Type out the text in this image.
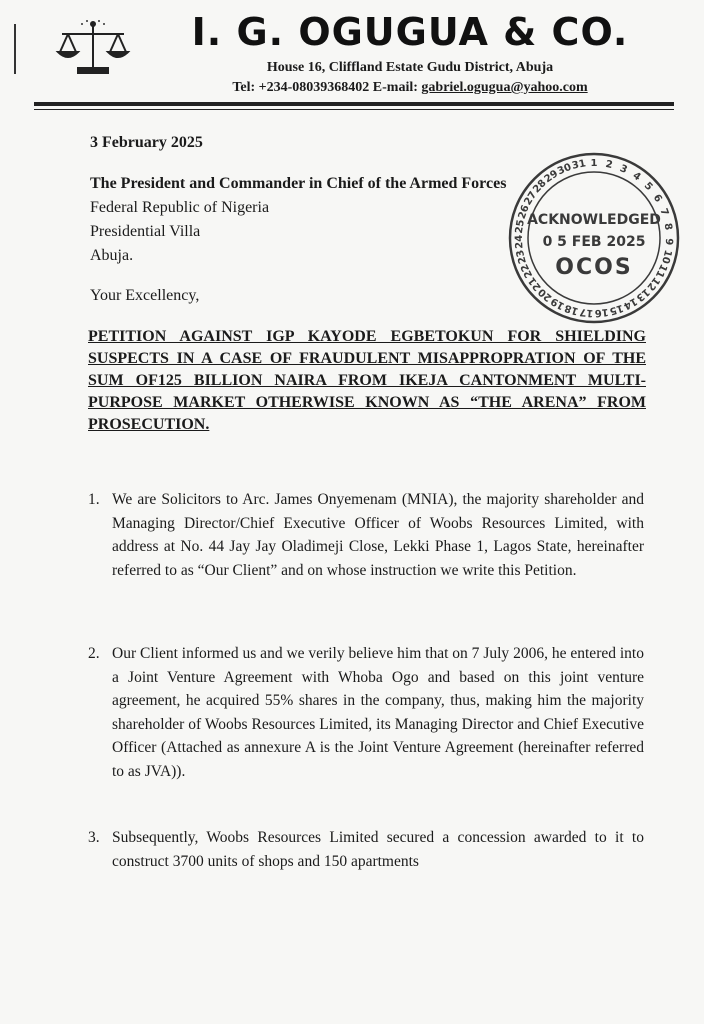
I. G. OGUGUA & CO.
House 16, Cliffland Estate Gudu District, Abuja
Tel: +234-08039368402 E-mail: gabriel.ogugua@yahoo.com
3 February 2025
The President and Commander in Chief of the Armed Forces
Federal Republic of Nigeria
Presidential Villa
Abuja.
Your Excellency,
PETITION AGAINST IGP KAYODE EGBETOKUN FOR SHIELDING SUSPECTS IN A CASE OF FRAUDULENT MISAPPROPRATION OF THE SUM OF125 BILLION NAIRA FROM IKEJA CANTONMENT MULTI-PURPOSE MARKET OTHERWISE KNOWN AS “THE ARENA” FROM PROSECUTION.
1. We are Solicitors to Arc. James Onyemenam (MNIA), the majority shareholder and Managing Director/Chief Executive Officer of Woobs Resources Limited, with address at No. 44 Jay Jay Oladimeji Close, Lekki Phase 1, Lagos State, hereinafter referred to as “Our Client” and on whose instruction we write this Petition.
2. Our Client informed us and we verily believe him that on 7 July 2006, he entered into a Joint Venture Agreement with Whoba Ogo and based on this joint venture agreement, he acquired 55% shares in the company, thus, making him the majority shareholder of Woobs Resources Limited, its Managing Director and Chief Executive Officer (Attached as annexure A is the Joint Venture Agreement (hereinafter referred to as JVA)).
3. Subsequently, Woobs Resources Limited secured a concession awarded to it to construct 3700 units of shops and 150 apartments
1 2 3
4
5
6
7
8
9
10
11
12
13
14
15
16
17
18
19
20
21
22
23
24
25
26
27
28
29
30
31
ACKNOWLEDGED
0 5 FEB 2025
OCOS
